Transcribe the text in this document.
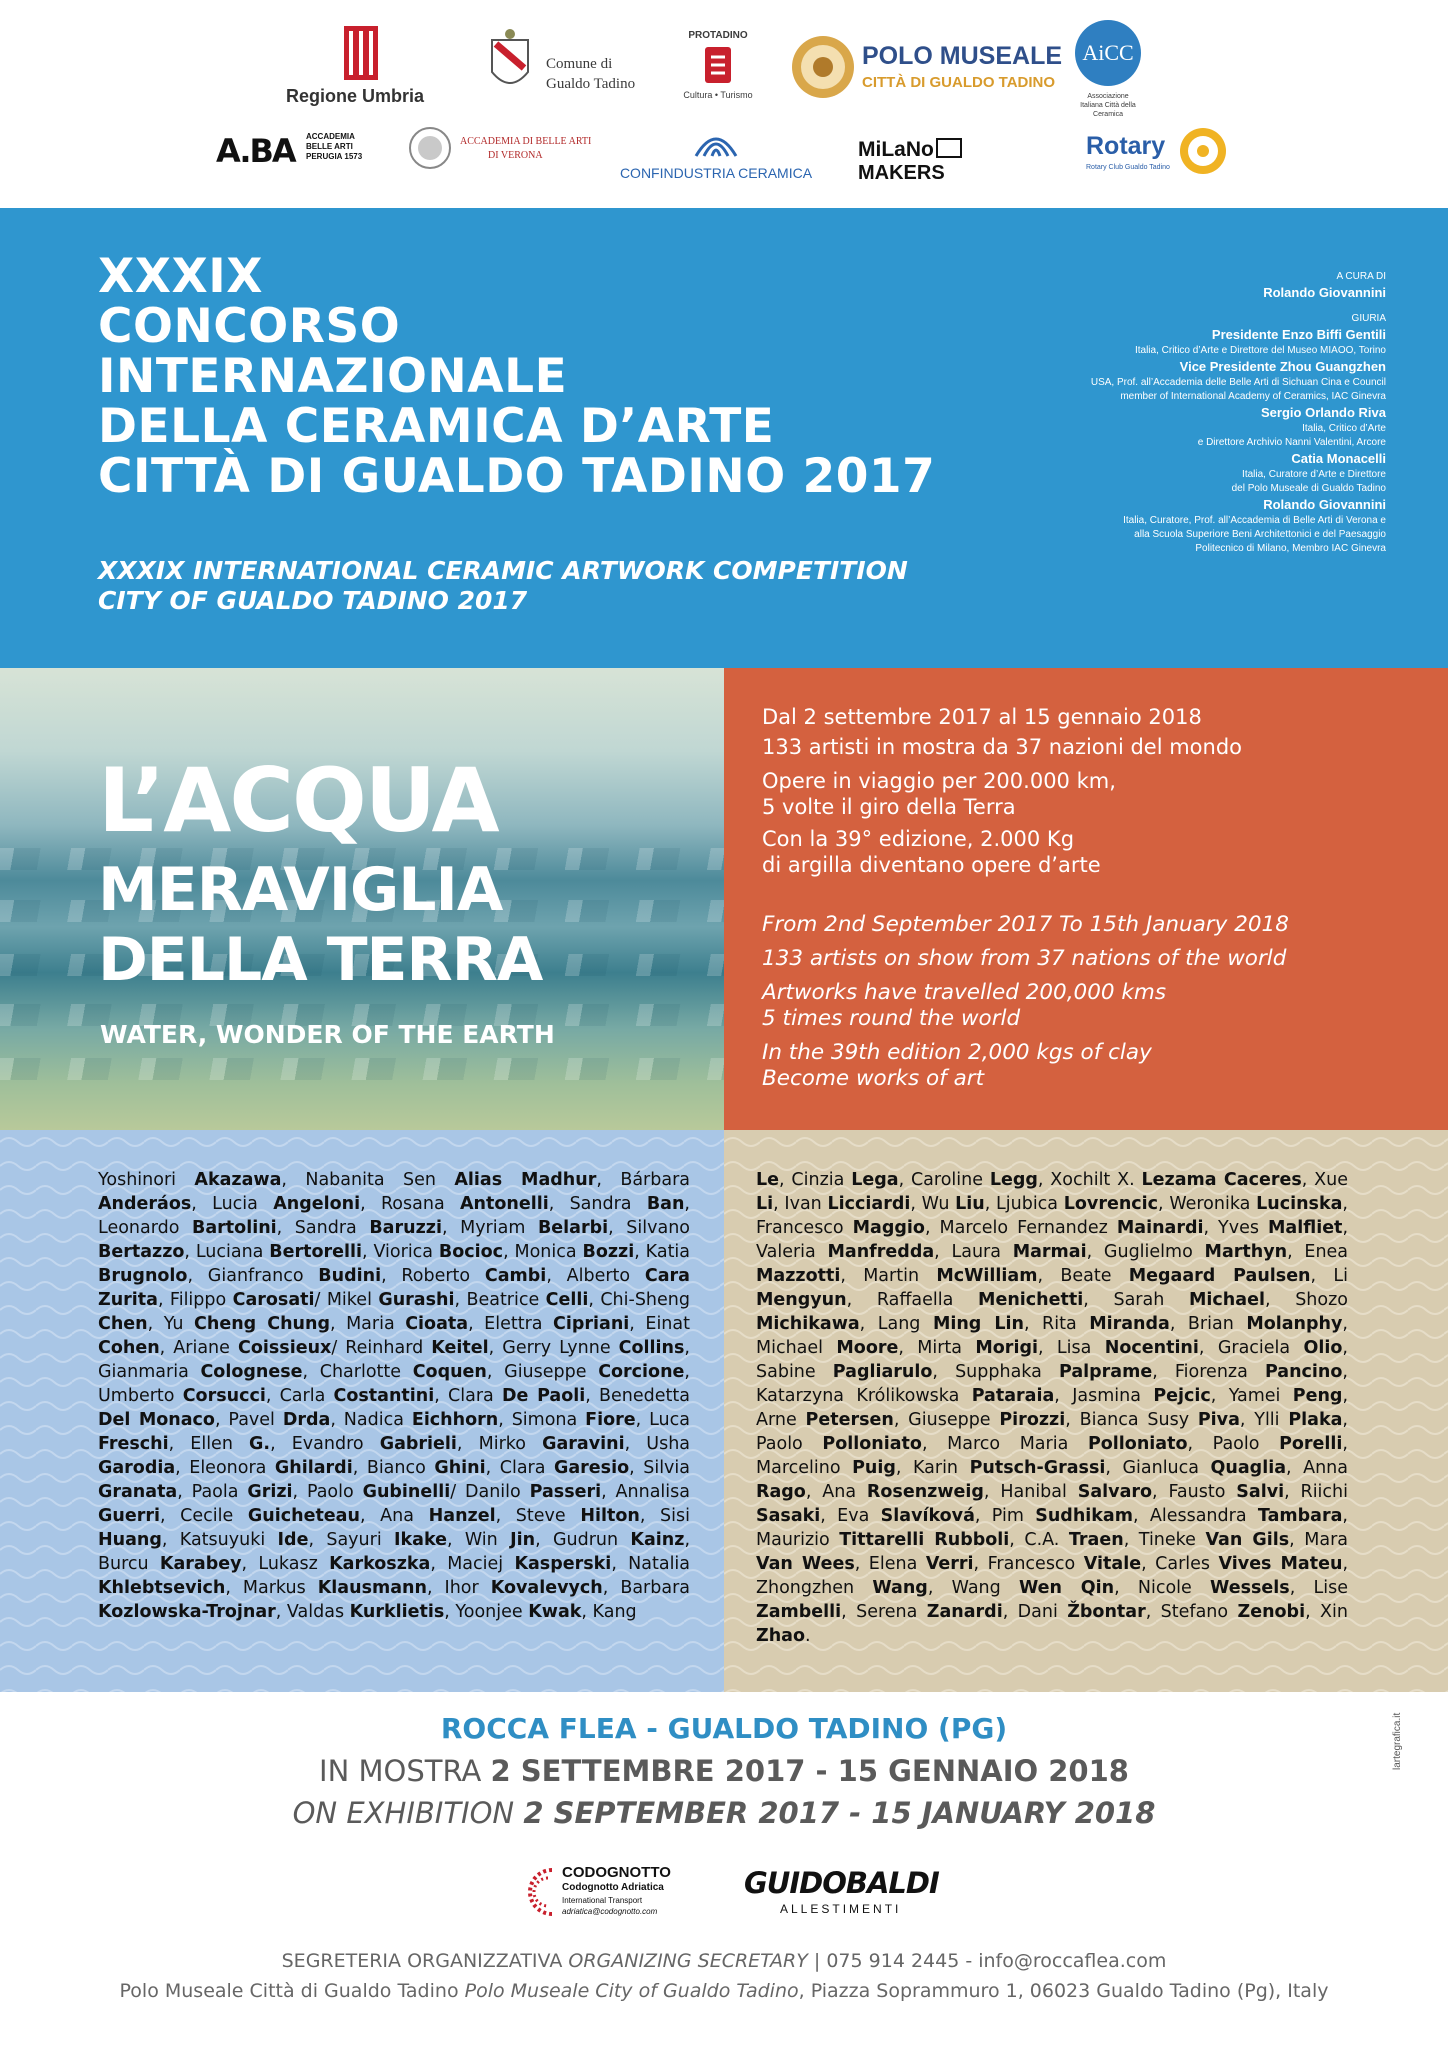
Regione Umbria
Comune di
Gualdo Tadino
PROTADINO
Cultura • Turismo
POLO MUSEALE
CITTÀ DI GUALDO TADINO
AiCC
Associazione Italiana Città della Ceramica
A.BA ACCADEMIA BELLE ARTI PERUGIA 1573
ACCADEMIA DI BELLE ARTI
DI VERONA
CONFINDUSTRIA CERAMICA
MiLaNoMAKERS
Rotary
Rotary Club Gualdo Tadino
XXXIX
CONCORSO
INTERNAZIONALE
DELLA CERAMICA D’ARTE
CITTÀ DI GUALDO TADINO 2017
XXXIX INTERNATIONAL CERAMIC ARTWORK COMPETITION
CITY OF GUALDO TADINO 2017
A CURA DI
Rolando Giovannini
GIURIA
Presidente Enzo Biffi Gentili
Italia, Critico d’Arte e Direttore del Museo MIAOO, Torino
Vice Presidente Zhou Guangzhen
USA, Prof. all’Accademia delle Belle Arti di Sichuan Cina e Council
member of International Academy of Ceramics, IAC Ginevra
Sergio Orlando Riva
Italia, Critico d’Arte
e Direttore Archivio Nanni Valentini, Arcore
Catia Monacelli
Italia, Curatore d’Arte e Direttore
del Polo Museale di Gualdo Tadino
Rolando Giovannini
Italia, Curatore, Prof. all’Accademia di Belle Arti di Verona e
alla Scuola Superiore Beni Architettonici e del Paesaggio
Politecnico di Milano, Membro IAC Ginevra
L’ACQUA
MERAVIGLIA
DELLA TERRA
WATER, WONDER OF THE EARTH

Dal 2 settembre 2017 al 15 gennaio 2018

133 artisti in mostra da 37 nazioni del mondo

Opere in viaggio per 200.000 km,

5 volte il giro della Terra

Con la 39° edizione, 2.000 Kg

di argilla diventano opere d’arte

From 2nd September 2017 To 15th January 2018

133 artists on show from 37 nations of the world

Artworks have travelled 200,000 kms

5 times round the world

In the 39th edition 2,000 kgs of clay

Become works of art

Yoshinori Akazawa, Nabanita Sen Alias Madhur, Bárbara Anderáos, Lucia Angeloni, Rosana Antonelli, Sandra Ban, Leonardo Bartolini, Sandra Baruzzi, Myriam Belarbi, Silvano Bertazzo, Luciana Bertorelli, Viorica Bocioc, Monica Bozzi, Katia Brugnolo, Gianfranco Budini, Roberto Cambi, Alberto Cara Zurita, Filippo Carosati/ Mikel Gurashi, Beatrice Celli, Chi-Sheng Chen, Yu Cheng Chung, Maria Cioata, Elettra Cipriani, Einat Cohen, Ariane Coissieux/ Reinhard Keitel, Gerry Lynne Collins, Gianmaria Colognese, Charlotte Coquen, Giuseppe Corcione, Umberto Corsucci, Carla Costantini, Clara De Paoli, Benedetta Del Monaco, Pavel Drda, Nadica Eichhorn, Simona Fiore, Luca Freschi, Ellen G., Evandro Gabrieli, Mirko Garavini, Usha Garodia, Eleonora Ghilardi, Bianco Ghini, Clara Garesio, Silvia Granata, Paola Grizi, Paolo Gubinelli/ Danilo Passeri, Annalisa Guerri, Cecile Guicheteau, Ana Hanzel, Steve Hilton, Sisi Huang, Katsuyuki Ide, Sayuri Ikake, Win Jin, Gudrun Kainz, Burcu Karabey, Lukasz Karkoszka, Maciej Kasperski, Natalia Khlebtsevich, Markus Klausmann, Ihor Kovalevych, Barbara Kozlowska-Trojnar, Valdas Kurklietis, Yoonjee Kwak, Kang
Le, Cinzia Lega, Caroline Legg, Xochilt X. Lezama Caceres, Xue Li, Ivan Licciardi, Wu Liu, Ljubica Lovrencic, Weronika Lucinska, Francesco Maggio, Marcelo Fernandez Mainardi, Yves Malfliet, Valeria Manfredda, Laura Marmai, Guglielmo Marthyn, Enea Mazzotti, Martin McWilliam, Beate Megaard Paulsen, Li Mengyun, Raffaella Menichetti, Sarah Michael, Shozo Michikawa, Lang Ming Lin, Rita Miranda, Brian Molanphy, Michael Moore, Mirta Morigi, Lisa Nocentini, Graciela Olio, Sabine Pagliarulo, Supphaka Palprame, Fiorenza Pancino, Katarzyna Królikowska Pataraia, Jasmina Pejcic, Yamei Peng, Arne Petersen, Giuseppe Pirozzi, Bianca Susy Piva, Ylli Plaka, Paolo Polloniato, Marco Maria Polloniato, Paolo Porelli, Marcelino Puig, Karin Putsch-Grassi, Gianluca Quaglia, Anna Rago, Ana Rosenzweig, Hanibal Salvaro, Fausto Salvi, Riichi Sasaki, Eva Slavíková, Pim Sudhikam, Alessandra Tambara, Maurizio Tittarelli Rubboli, C.A. Traen, Tineke Van Gils, Mara Van Wees, Elena Verri, Francesco Vitale, Carles Vives Mateu, Zhongzhen Wang, Wang Wen Qin, Nicole Wessels, Lise Zambelli, Serena Zanardi, Dani Žbontar, Stefano Zenobi, Xin Zhao.
ROCCA FLEA - GUALDO TADINO (PG)
IN MOSTRA 2 SETTEMBRE 2017 - 15 GENNAIO 2018
ON EXHIBITION 2 SEPTEMBER 2017 - 15 JANUARY 2018
lartegrafica.it
CODOGNOTTO
Codognotto Adriatica
International Transport
adriatica@codognotto.com
GUIDOBALDI
ALLESTIMENTI
SEGRETERIA ORGANIZZATIVA ORGANIZING SECRETARY | 075 914 2445 - info@roccaflea.com
Polo Museale Città di Gualdo Tadino Polo Museale City of Gualdo Tadino, Piazza Soprammuro 1, 06023 Gualdo Tadino (Pg), Italy
